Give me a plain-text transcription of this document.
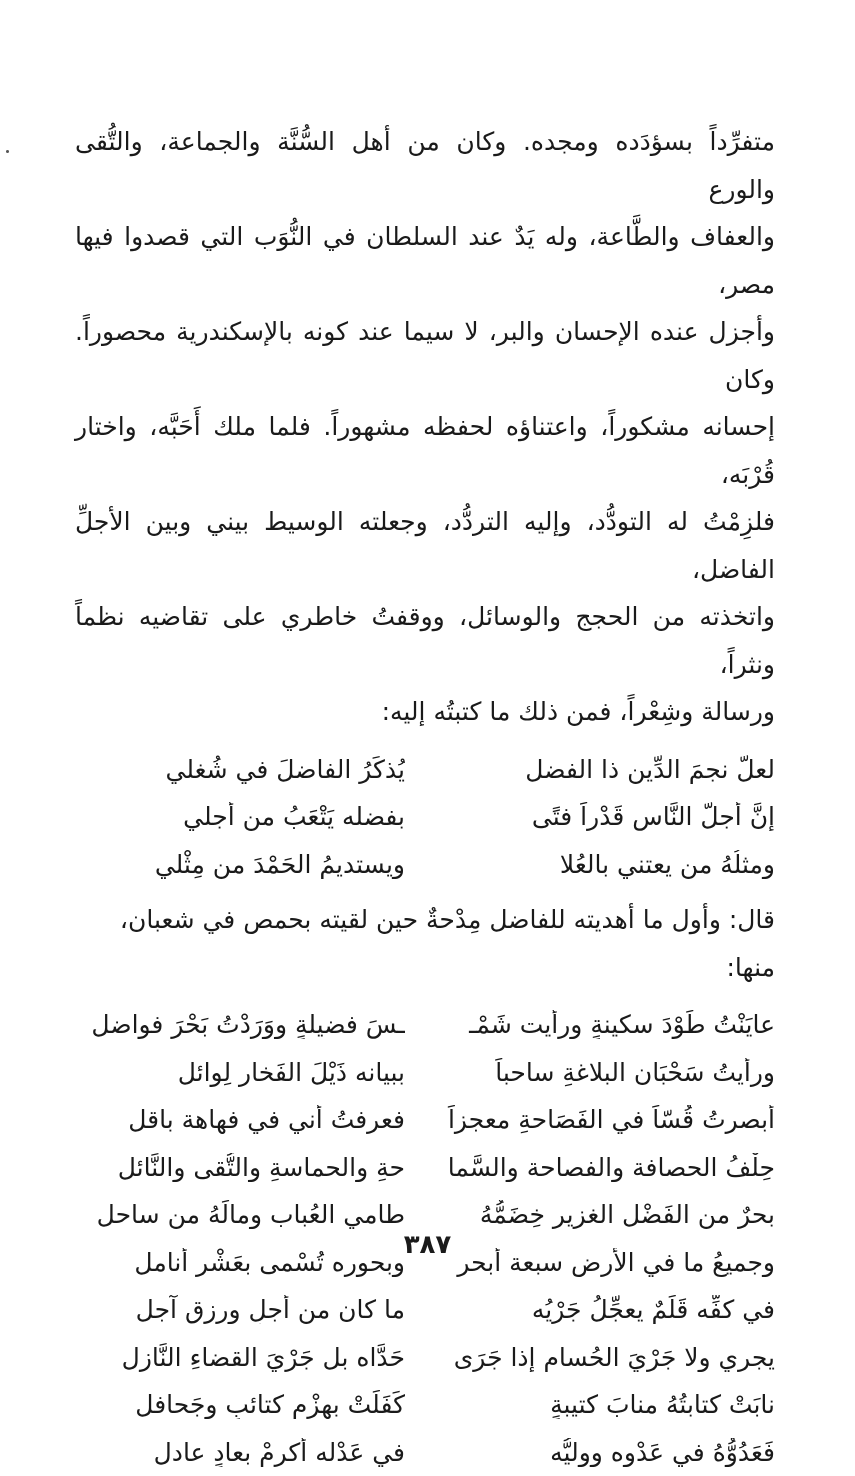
متفرِّداً بسؤدَده ومجده. وكان من أهل السُّنَّة والجماعة، والتُّقى والورع

والعفاف والطَّاعة، وله يَدٌ عند السلطان في النُّوَب التي قصدوا فيها مصر،

وأجزل عنده الإحسان والبر، لا سيما عند كونه بالإسكندرية محصوراً. وكان

إحسانه مشكوراً، واعتناؤه لحفظه مشهوراً. فلما ملك أَحَبَّه، واختار قُرْبَه،

فلزِمْتُ له التودُّد، وإليه التردُّد، وجعلته الوسيط بيني وبين الأجلِّ الفاضل،

واتخذته من الحجج والوسائل، ووقفتُ خاطري على تقاضيه نظماً ونثراً،

ورسالة وشِعْراً، فمن ذلك ما كتبتُه إليه:

لعلَّ نجمَ الدِّين ذا الفضل
يُذكِّرُ الفاضلَ في شُغلي
إنَّ أجلَّ النَّاسِ قَدْراً فتًى
بفضله يَتْعَبُ من أجلي
ومثلُهُ من يعتني بالعُلا
ويستديمُ الحَمْدَ من مِثْلي

قال: وأول ما أهديته للفاضل مِدْحةٌ حين لقيته بحمص في شعبان،

منها:

عايَنْتُ طَوْدَ سكينةٍ ورأيت شَمْـ
ـسَ فضيلةٍ ووَرَدْتُ بَحْرَ فواضلِ
ورأيتُ سَحْبَان البلاغةِ ساحباً
ببيانه ذَيْلَ الفَخارِ لِوائلِ
أبصرتُ قُسّاً في الفَصَاحةِ معجزاً
فعرفتُ أني في فهاهة باقلِ
حِلْفُ الحصافة والفصاحة والسَّما
حةِ والحماسةِ والتُّقى والنَّائلِ
بحرٌ من الفَضْلِ الغزيرِ خِضَمُّهُ
طامي العُباب ومالَهُ من ساحلِ
وجميعُ ما في الأرض سبعة أبحر
وبحوره تُسْمى بعَشْرِ أناملِ
في كفِّه قَلَمٌ يعجِّلُ جَرْيُه
ما كان من أجلٍ ورزقٍ آجلِ
يجري ولا جَرْيَ الحُسامِ إذا جَرَى
حَدَّاه بل جَرْيَ القضاءِ النَّازلِ
نابَتْ كتابتُهُ منابَ كتيبةٍ
كَفَلَتْ بهزْمِ كتائبٍ وجَحافلِ
فَعَدُوُّهُ في عَدْوه ووليُّه
في عَدْله أكرِمْ بعادٍ عادلِ
٣٨٧
